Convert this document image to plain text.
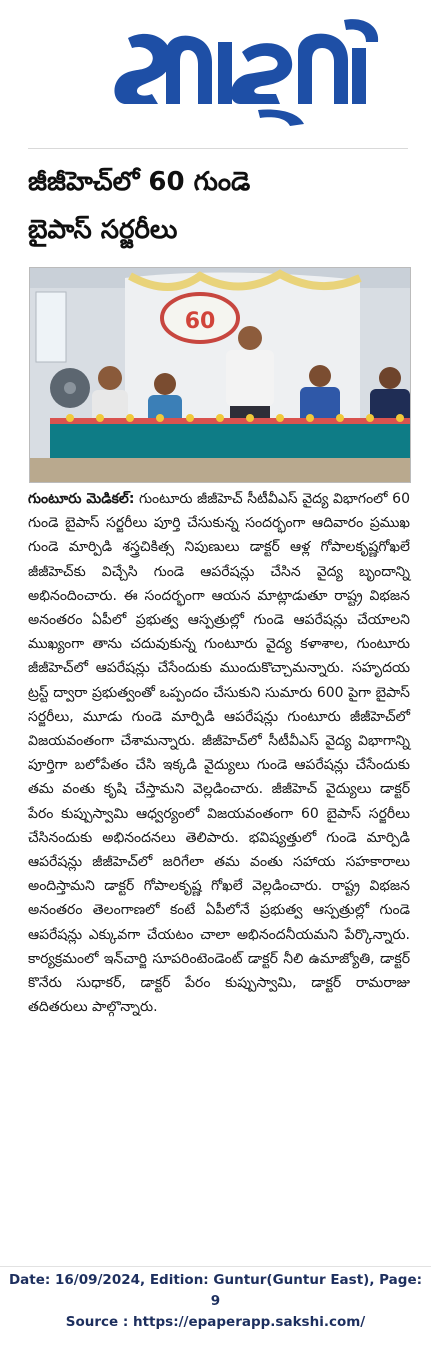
జీజీహెచ్‌లో 60 గుండె
బైపాస్‌ సర్జరీలు
60
గుంటూరు మెడికల్‌: గుంటూరు జీజీహెచ్‌ సీటీవీఎస్‌ వైద్య విభాగంలో 60 గుండె బైపాస్‌ సర్జరీలు పూర్తి చేసుకున్న సందర్భంగా ఆదివారం ప్రముఖ గుండె మార్పిడి శస్త్రచికిత్స నిపుణులు డాక్టర్‌ ఆళ్ల గోపాలకృష్ణగోఖలే జీజీహెచ్‌కు విచ్చేసి గుండె ఆపరేషన్లు చేసిన వైద్య బృందాన్ని అభినందించారు. ఈ సందర్భంగా ఆయన మాట్లాడుతూ రాష్ట్ర విభజన అనంతరం ఏపీలో ప్రభుత్వ ఆస్పత్రుల్లో గుండె ఆపరేషన్లు చేయాలని ముఖ్యంగా తాను చదువుకున్న గుంటూరు వైద్య కళాశాల, గుంటూరు జీజీహెచ్‌లో ఆపరేషన్లు చేసేందుకు ముందుకొచ్చామన్నారు. సహృదయ ట్రస్ట్‌ ద్వారా ప్రభుత్వంతో ఒప్పందం చేసుకుని సుమారు 600 పైగా బైపాస్‌ సర్జరీలు, మూడు గుండె మార్పిడి ఆపరేషన్లు గుంటూరు జీజీహెచ్‌లో విజయవంతంగా చేశామన్నారు. జీజీహెచ్‌లో సీటీవీఎస్‌ వైద్య విభాగాన్ని పూర్తిగా బలోపేతం చేసి ఇక్కడి వైద్యులు గుండె ఆపరేషన్లు చేసేందుకు తమ వంతు కృషి చేస్తామని వెల్లడించారు. జీజీహెచ్‌ వైద్యులు డాక్టర్‌ పేరం కుప్పుస్వామి ఆధ్వర్యంలో విజయవంతంగా 60 బైపాస్‌ సర్జరీలు చేసినందుకు అభినందనలు తెలిపారు. భవిష్యత్తులో గుండె మార్పిడి ఆపరేషన్లు జీజీహెచ్‌లో జరిగేలా తమ వంతు సహాయ సహకారాలు అందిస్తామని డాక్టర్‌ గోపాలకృష్ణ గోఖలే వెల్లడించారు. రాష్ట్ర విభజన అనంతరం తెలంగాణలో కంటే ఏపీలోనే ప్రభుత్వ ఆస్పత్రుల్లో గుండె ఆపరేషన్లు ఎక్కువగా చేయటం చాలా అభినందనీయమని పేర్కొన్నారు. కార్యక్రమంలో ఇన్‌చార్జి సూపరింటెండెంట్‌ డాక్టర్‌ నీలి ఉమాజ్యోతి, డాక్టర్‌ కొనేరు సుధాకర్‌, డాక్టర్‌ పేరం కుప్పుస్వామి, డాక్టర్‌ రామరాజు తదితరులు పాల్గొన్నారు.
Date: 16/09/2024, Edition: Guntur(Guntur East), Page: 9
Source : https://epaperapp.sakshi.com/
